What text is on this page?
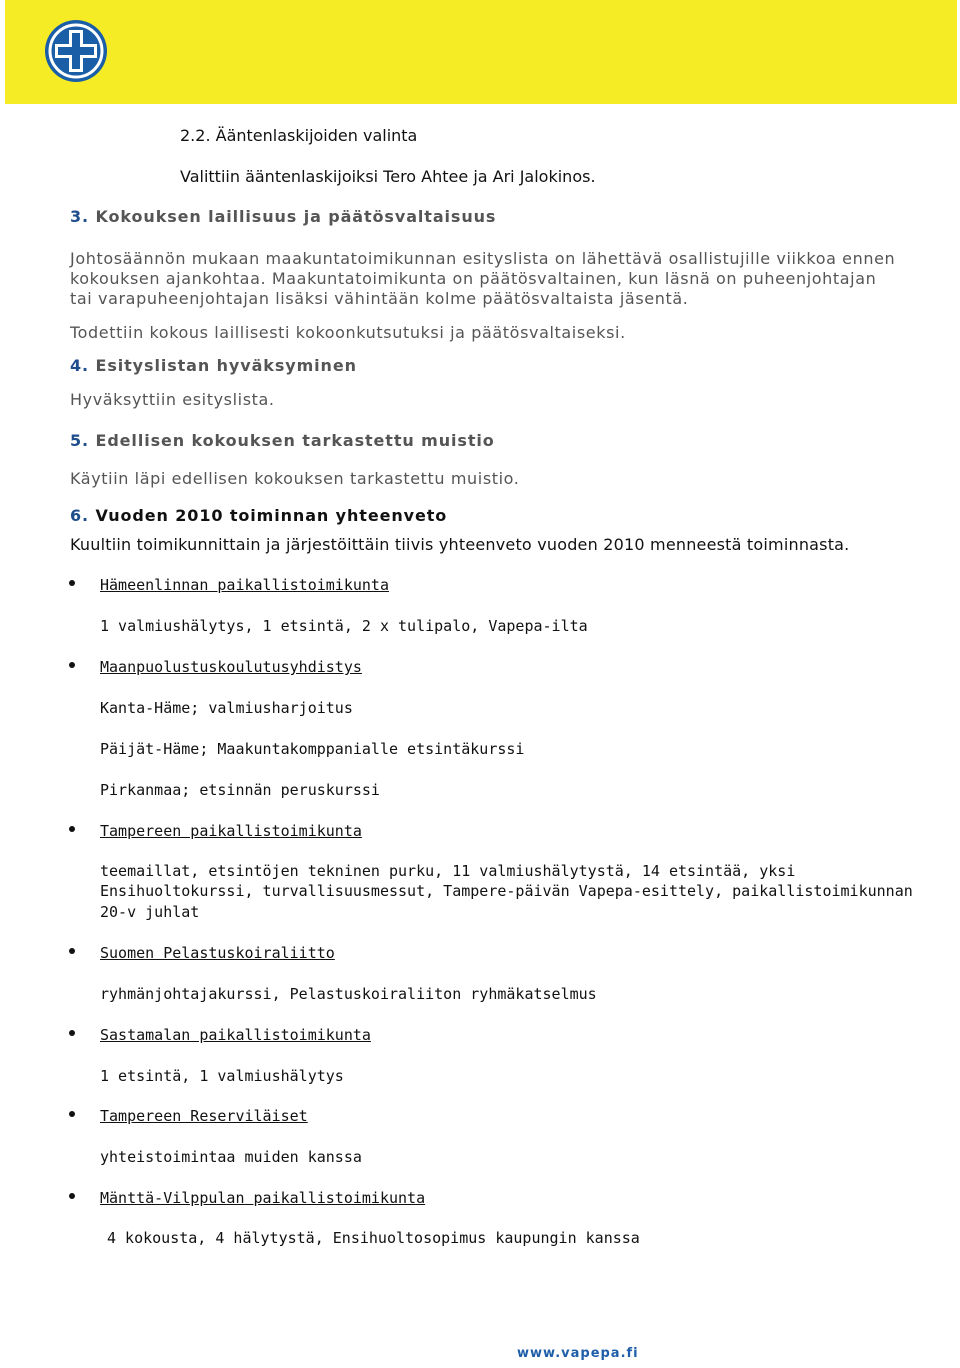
2.2. Ääntenlaskijoiden valinta
Valittiin ääntenlaskijoiksi Tero Ahtee ja Ari Jalokinos.
3. Kokouksen laillisuus ja päätösvaltaisuus
Johtosäännön mukaan maakuntatoimikunnan esityslista on lähettävä osallistujille viikkoa ennen
kokouksen ajankohtaa. Maakuntatoimikunta on päätösvaltainen, kun läsnä on puheenjohtajan
tai varapuheenjohtajan lisäksi vähintään kolme päätösvaltaista jäsentä.
Todettiin kokous laillisesti kokoonkutsutuksi ja päätösvaltaiseksi.
4. Esityslistan hyväksyminen
Hyväksyttiin esityslista.
5. Edellisen kokouksen tarkastettu muistio
Käytiin läpi edellisen kokouksen tarkastettu muistio.
6. Vuoden 2010 toiminnan yhteenveto
Kuultiin toimikunnittain ja järjestöittäin tiivis yhteenveto vuoden 2010 menneestä toiminnasta.
Hämeenlinnan paikallistoimikunta
1 valmiushälytys, 1 etsintä, 2 x tulipalo, Vapepa-ilta
Maanpuolustuskoulutusyhdistys
Kanta-Häme; valmiusharjoitus
Päijät-Häme; Maakuntakomppanialle etsintäkurssi
Pirkanmaa; etsinnän peruskurssi
Tampereen paikallistoimikunta
teemaillat, etsintöjen tekninen purku, 11 valmiushälytystä, 14 etsintää, yksi
Ensihuoltokurssi, turvallisuusmessut, Tampere-päivän Vapepa-esittely, paikallistoimikunnan
20-v juhlat
Suomen Pelastuskoiraliitto
ryhmänjohtajakurssi, Pelastuskoiraliiton ryhmäkatselmus
Sastamalan paikallistoimikunta
1 etsintä, 1 valmiushälytys
Tampereen Reserviläiset
yhteistoimintaa muiden kanssa
Mänttä-Vilppulan paikallistoimikunta
4 kokousta, 4 hälytystä, Ensihuoltosopimus kaupungin kanssa
www.vapepa.fi
